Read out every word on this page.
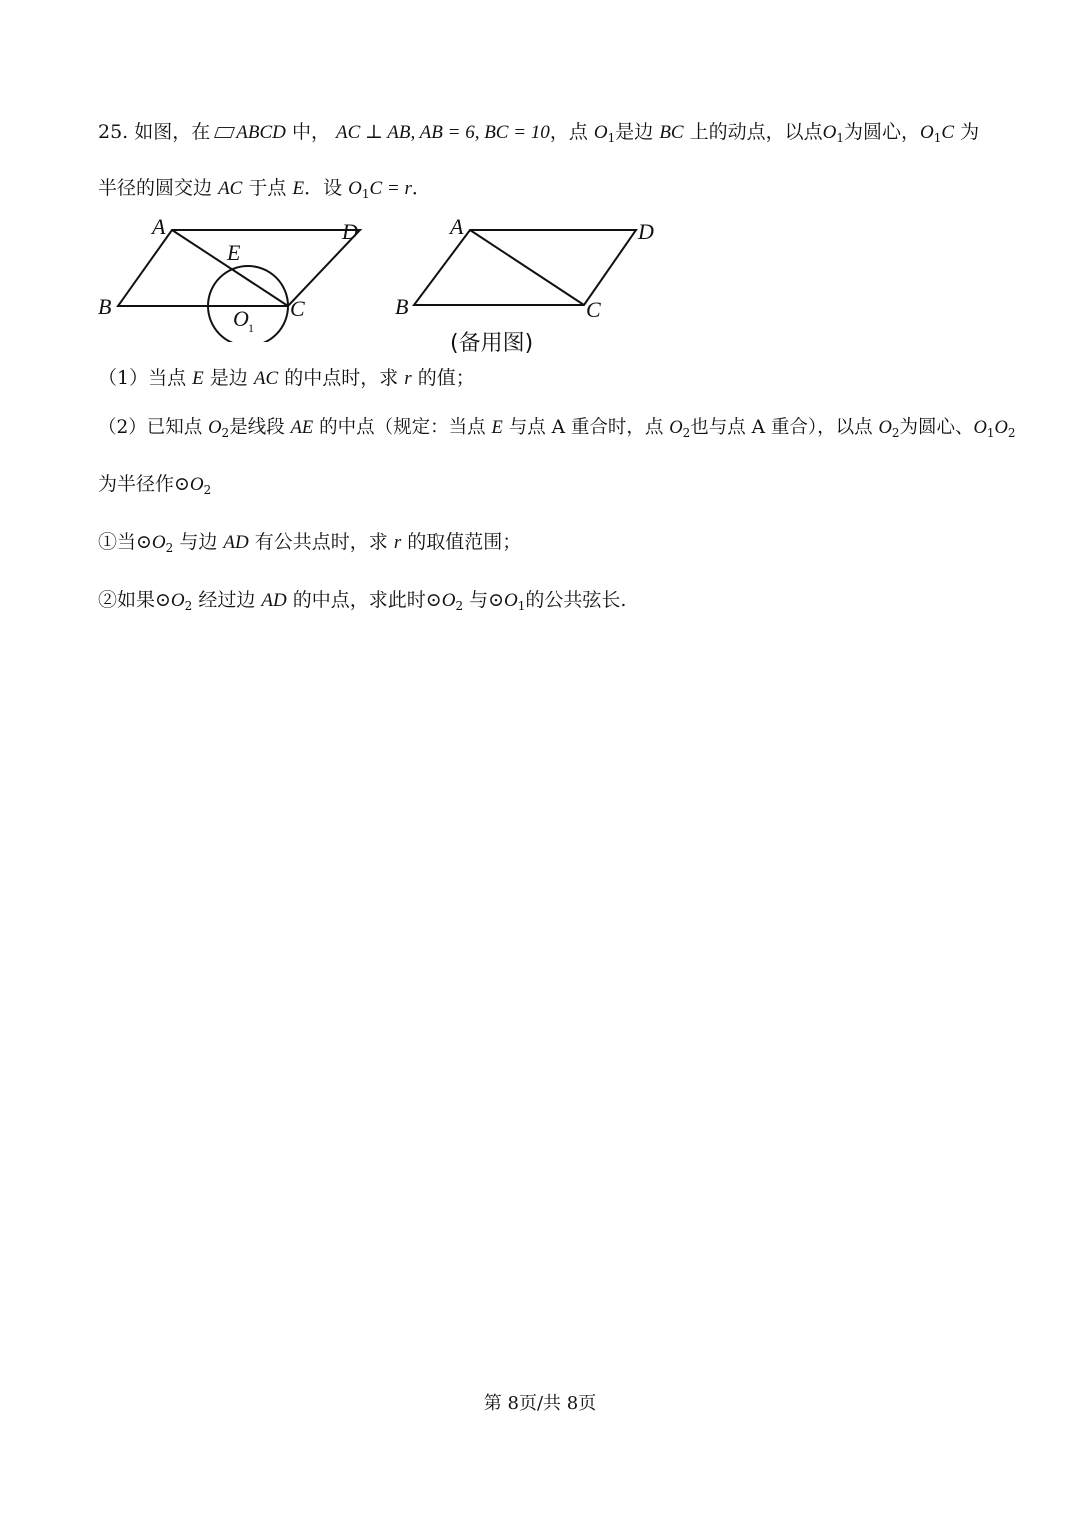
25. 如图，在 ABCD 中， AC ⊥ AB, AB = 6, BC = 10，点 $O_1$是边 BC 上的动点，以点$O_1$为圆心，$O_1C$ 为
半径的圆交边 AC 于点 E．设 $O_1C = r$．
A	D
E
B	C
O 1
A	D
B	C
(备用图)
（1）当点 E 是边 AC 的中点时，求 r 的值；
（2）已知点 $O_2$是线段 AE 的中点（规定：当点 E 与点 A 重合时，点 $O_2$也与点 A 重合），以点 $O_2$为圆心、$O_1O_2$
为半径作$⊙O_2$
①当$⊙O_2$ 与边 AD 有公共点时，求 r 的取值范围；
②如果$⊙O_2$ 经过边 AD 的中点，求此时$⊙O_2$ 与$⊙O_1$的公共弦长.
第 8页/共 8页
